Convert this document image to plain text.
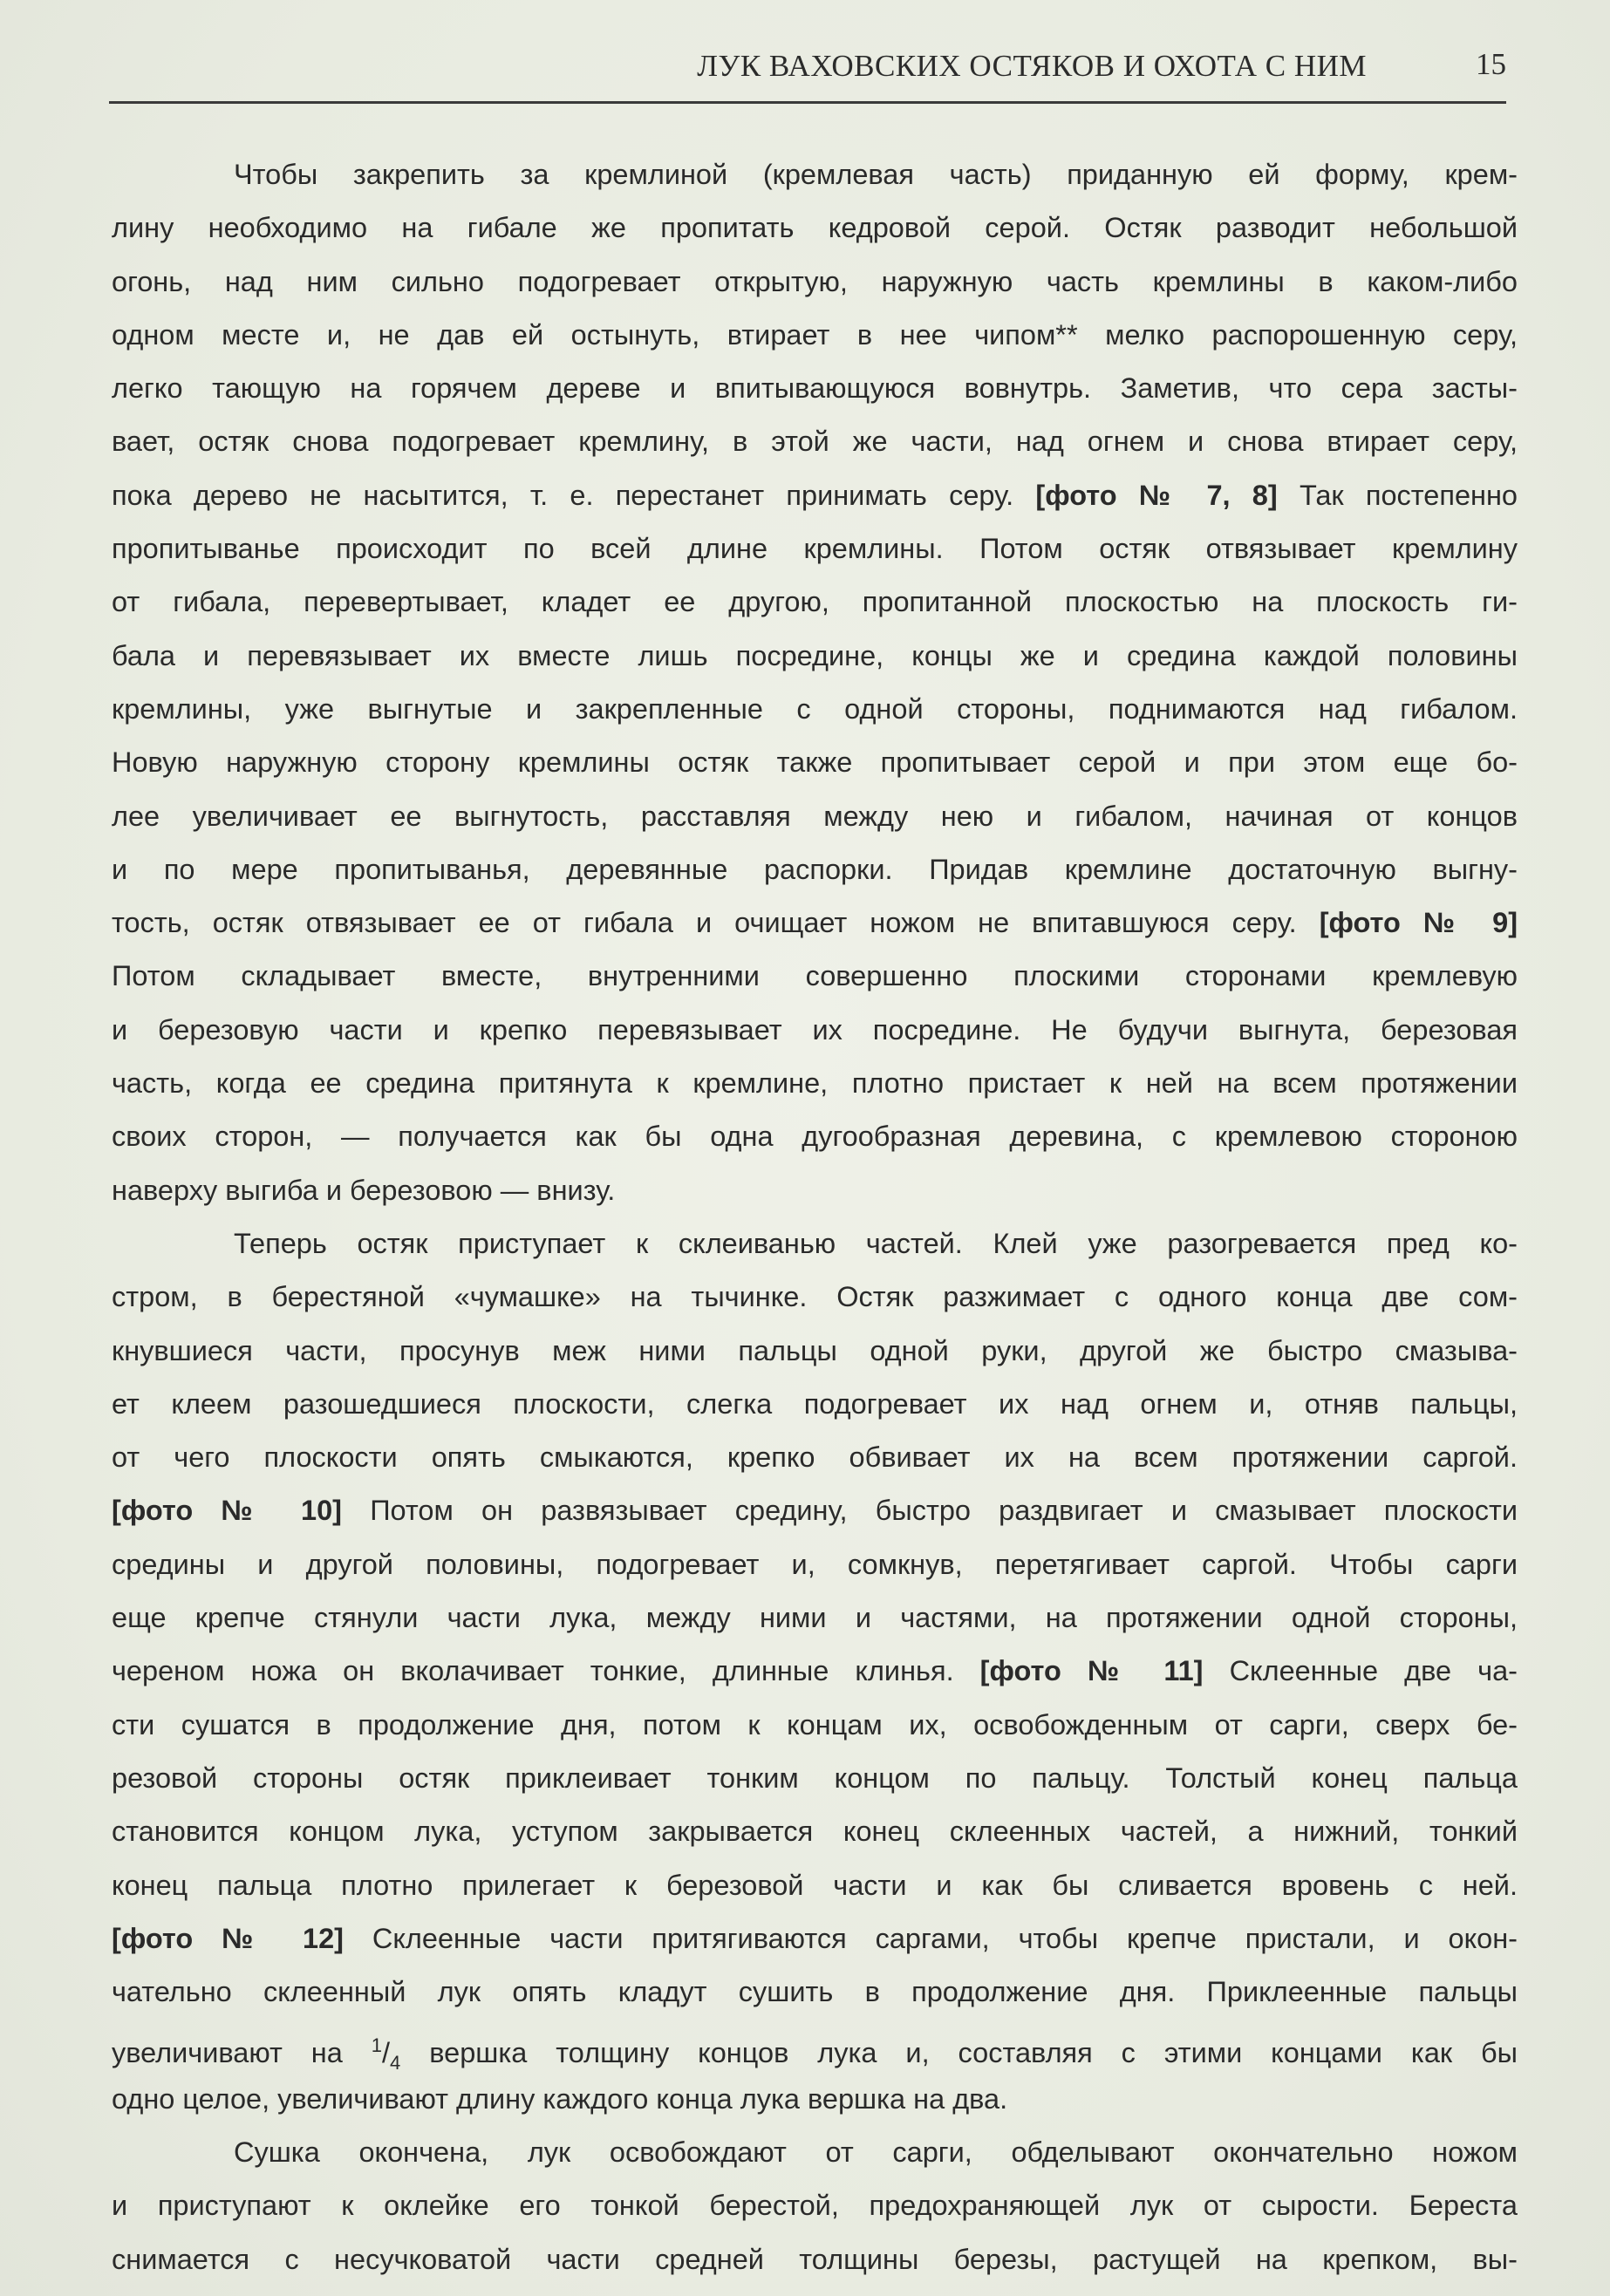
ЛУК ВАХОВСКИХ ОСТЯКОВ И ОХОТА С НИМ	15
Чтобы закрепить за кремлиной (кремлевая часть) приданную ей форму, крем-
лину необходимо на гибале же пропитать кедровой серой. Остяк разводит небольшой
огонь, над ним сильно подогревает открытую, наружную часть кремлины в каком-либо
одном месте и, не дав ей остынуть, втирает в нее чипом** мелко распорошенную серу,
легко тающую на горячем дереве и впитывающуюся вовнутрь. Заметив, что сера засты-
вает, остяк снова подогревает кремлину, в этой же части, над огнем и снова втирает серу,
пока дерево не насытится, т. е. перестанет принимать серу. [фото № 7, 8] Так постепенно
пропитыванье происходит по всей длине кремлины. Потом остяк отвязывает кремлину
от гибала, перевертывает, кладет ее другою, пропитанной плоскостью на плоскость ги-
бала и перевязывает их вместе лишь посредине, концы же и средина каждой половины
кремлины, уже выгнутые и закрепленные с одной стороны, поднимаются над гибалом.
Новую наружную сторону кремлины остяк также пропитывает серой и при этом еще бо-
лее увеличивает ее выгнутость, расставляя между нею и гибалом, начиная от концов
и по мере пропитыванья, деревянные распорки. Придав кремлине достаточную выгну-
тость, остяк отвязывает ее от гибала и очищает ножом не впитавшуюся серу. [фото № 9]
Потом складывает вместе, внутренними совершенно плоскими сторонами кремлевую
и березовую части и крепко перевязывает их посредине. Не будучи выгнута, березовая
часть, когда ее средина притянута к кремлине, плотно пристает к ней на всем протяжении
своих сторон, — получается как бы одна дугообразная деревина, с кремлевою стороною
наверху выгиба и березовою — внизу.
Теперь остяк приступает к склеиванью частей. Клей уже разогревается пред ко-
стром, в берестяной «чумашке» на тычинке. Остяк разжимает с одного конца две сом-
кнувшиеся части, просунув меж ними пальцы одной руки, другой же быстро смазыва-
ет клеем разошедшиеся плоскости, слегка подогревает их над огнем и, отняв пальцы,
от чего плоскости опять смыкаются, крепко обвивает их на всем протяжении саргой.
[фото № 10] Потом он развязывает средину, быстро раздвигает и смазывает плоскости
средины и другой половины, подогревает и, сомкнув, перетягивает саргой. Чтобы сарги
еще крепче стянули части лука, между ними и частями, на протяжении одной стороны,
череном ножа он вколачивает тонкие, длинные клинья. [фото № 11] Склеенные две ча-
сти сушатся в продолжение дня, потом к концам их, освобожденным от сарги, сверх бе-
резовой стороны остяк приклеивает тонким концом по пальцу. Толстый конец пальца
становится концом лука, уступом закрывается конец склеенных частей, а нижний, тонкий
конец пальца плотно прилегает к березовой части и как бы сливается вровень с ней.
[фото № 12] Склеенные части притягиваются саргами, чтобы крепче пристали, и окон-
чательно склеенный лук опять кладут сушить в продолжение дня. Приклеенные пальцы
увеличивают на $^1/_4$ вершка толщину концов лука и, составляя с этими концами как бы
одно целое, увеличивают длину каждого конца лука вершка на два.
Сушка окончена, лук освобождают от сарги, обделывают окончательно ножом
и приступают к оклейке его тонкой берестой, предохраняющей лук от сырости. Береста
снимается с несучковатой части средней толщины березы, растущей на крепком, вы-
